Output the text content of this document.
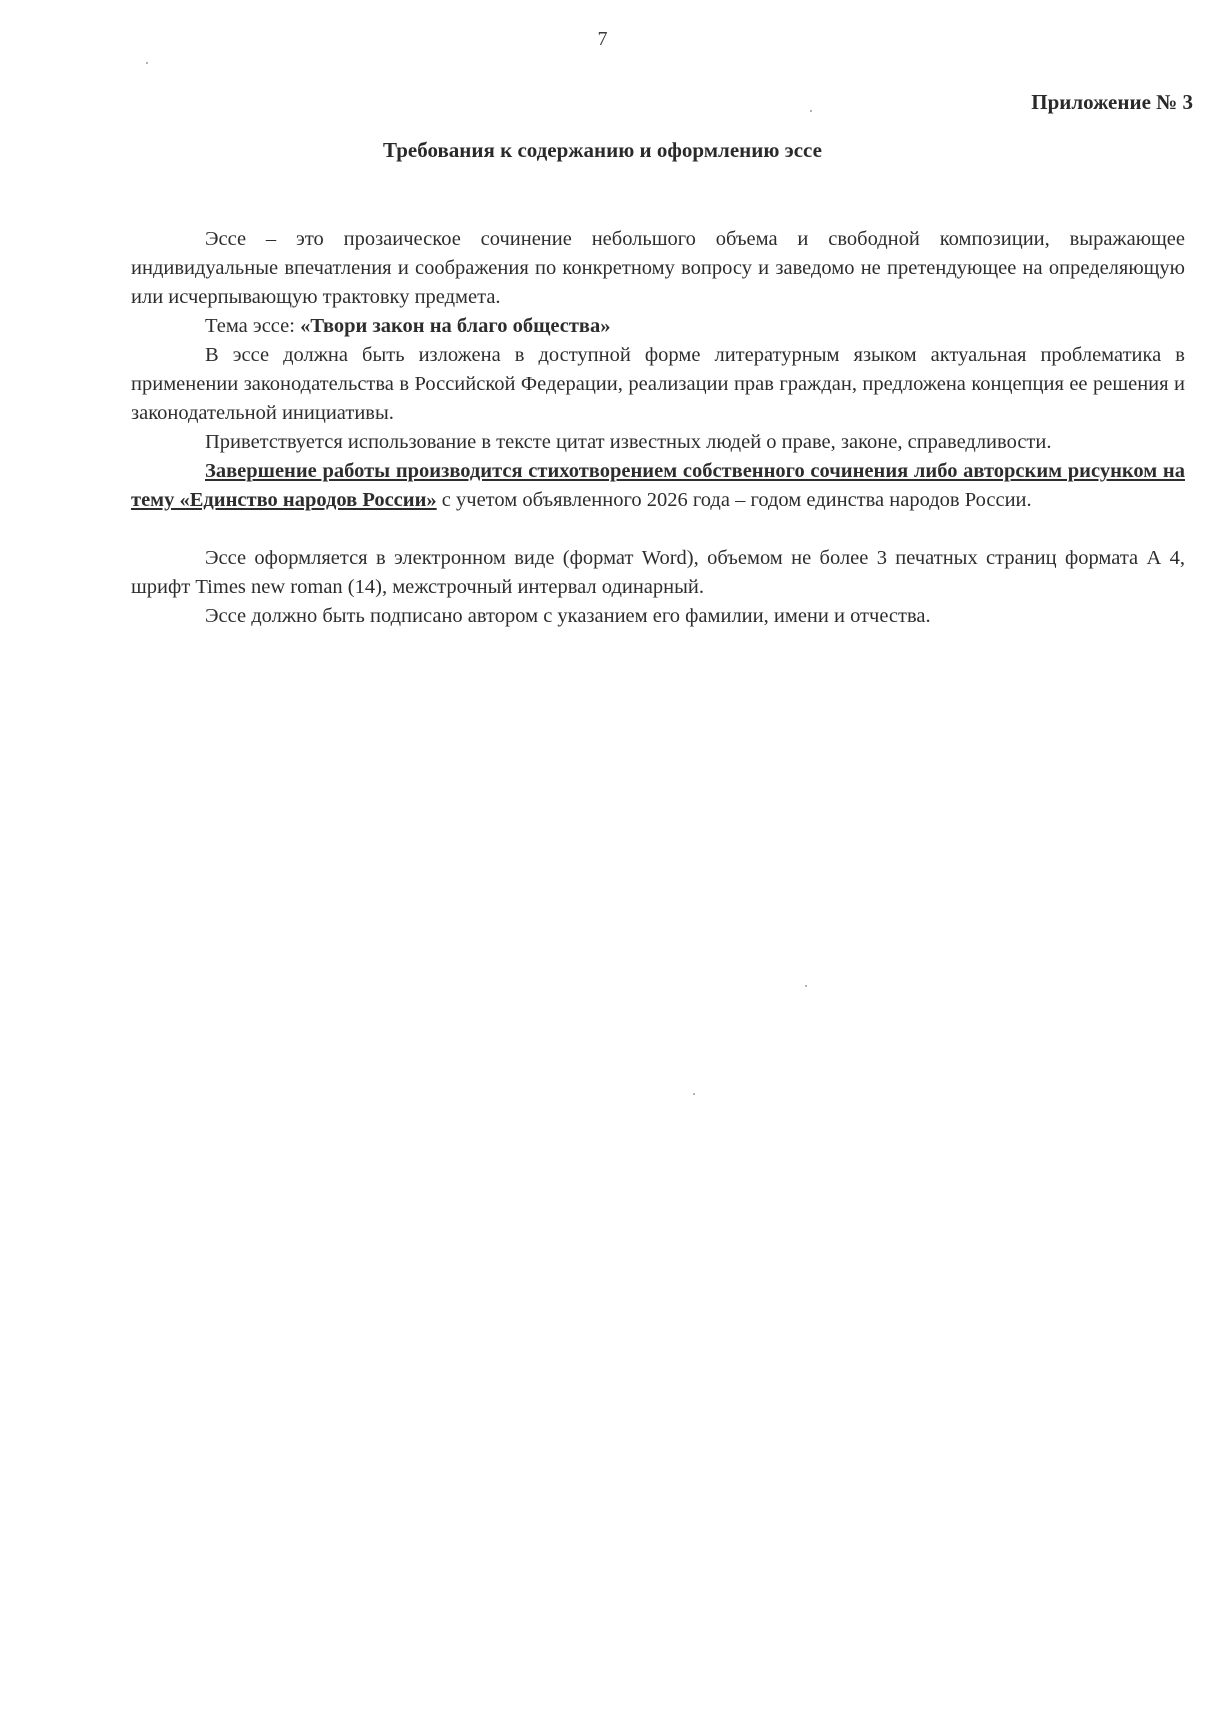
7
Приложение № 3
Требования к содержанию и оформлению эссе

Эссе – это прозаическое сочинение небольшого объема и свободной композиции, выражающее индивидуальные впечатления и соображения по конкретному вопросу и заведомо не претендующее на определяющую или исчерпывающую трактовку предмета.

Тема эссе: «Твори закон на благо общества»

В эссе должна быть изложена в доступной форме литературным языком актуальная проблематика в применении законодательства в Российской Федерации, реализации прав граждан, предложена концепция ее решения и законодательной инициативы.

Приветствуется использование в тексте цитат известных людей о праве, законе, справедливости.

Завершение работы производится стихотворением собственного сочинения либо авторским рисунком на тему «Единство народов России» с учетом объявленного 2026 года – годом единства народов России.

Эссе оформляется в электронном виде (формат Word), объемом не более 3 печатных страниц формата А 4, шрифт Times new roman (14), межстрочный интервал одинарный.

Эссе должно быть подписано автором с указанием его фамилии, имени и отчества.
